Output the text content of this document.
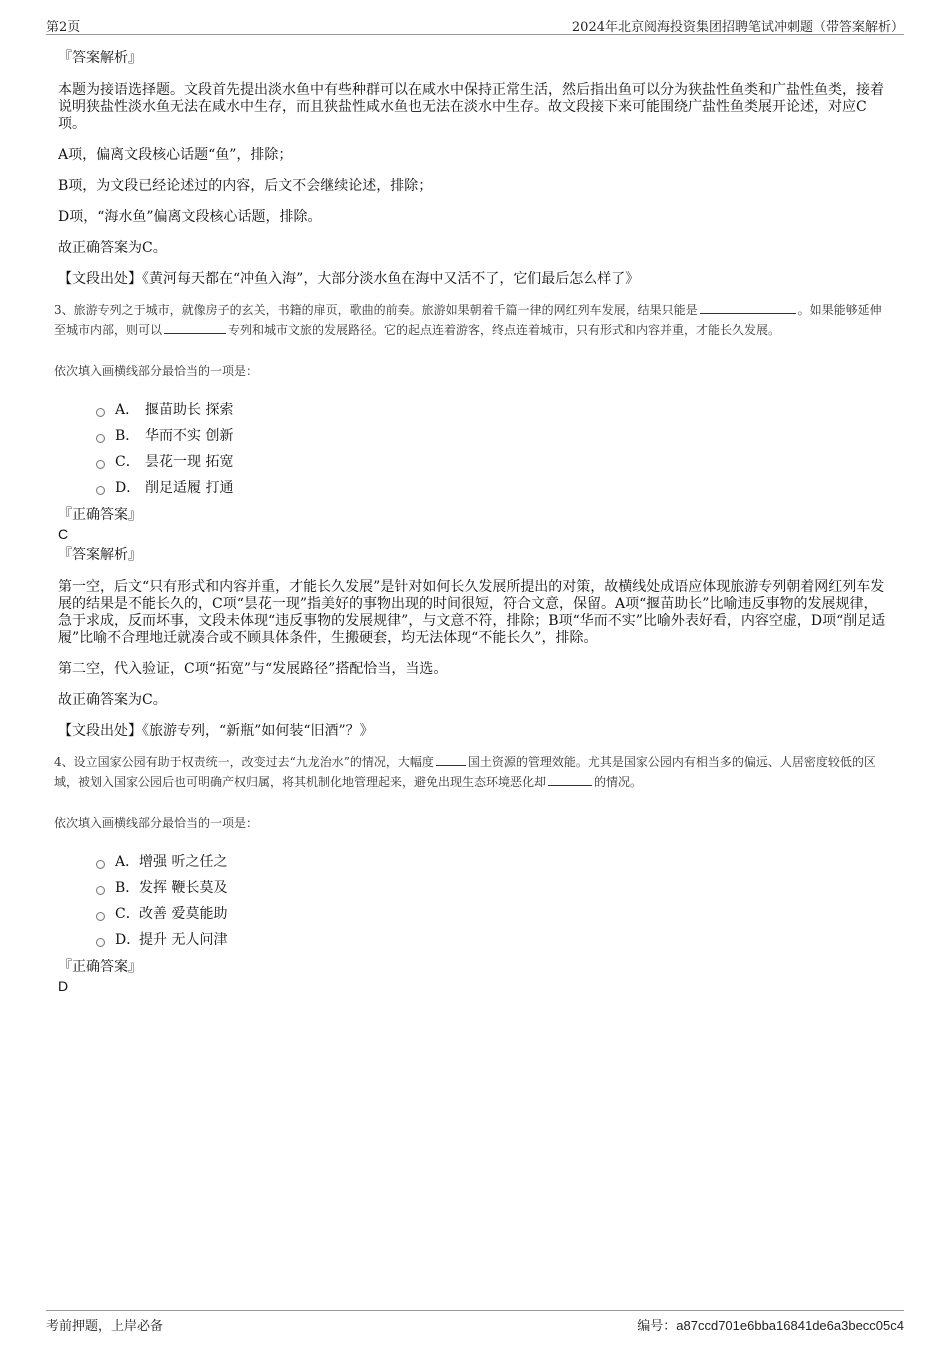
第2页	2024年北京阅海投资集团招聘笔试冲刺题（带答案解析）
『答案解析』

本题为接语选择题。文段首先提出淡水鱼中有些种群可以在咸水中保持正常生活，然后指出鱼可以分为狭盐性鱼类和广盐性鱼类，接着说明狭盐性淡水鱼无法在咸水中生存，而且狭盐性咸水鱼也无法在淡水中生存。故文段接下来可能围绕广盐性鱼类展开论述，对应C项。

A项，偏离文段核心话题“鱼”，排除；

B项，为文段已经论述过的内容，后文不会继续论述，排除；

D项，“海水鱼”偏离文段核心话题，排除。

故正确答案为C。

【文段出处】《黄河每天都在“冲鱼入海”，大部分淡水鱼在海中又活不了，它们最后怎么样了》

3、旅游专列之于城市，就像房子的玄关，书籍的扉页，歌曲的前奏。旅游如果朝着千篇一律的网红列车发展，结果只能是	。如果能够延伸至城市内部，则可以	专列和城市文旅的发展路径。它的起点连着游客，终点连着城市，只有形式和内容并重，才能长久发展。
依次填入画横线部分最恰当的一项是：
A． 揠苗助长 探索
B． 华而不实 创新
C． 昙花一现 拓宽
D． 削足适履 打通
『正确答案』
C
『答案解析』

第一空，后文“只有形式和内容并重，才能长久发展”是针对如何长久发展所提出的对策，故横线处成语应体现旅游专列朝着网红列车发展的结果是不能长久的，C项“昙花一现”指美好的事物出现的时间很短，符合文意，保留。A项“揠苗助长”比喻违反事物的发展规律，急于求成，反而坏事，文段未体现“违反事物的发展规律”，与文意不符，排除；B项“华而不实”比喻外表好看，内容空虚，D项“削足适履”比喻不合理地迁就凑合或不顾具体条件，生搬硬套，均无法体现“不能长久”，排除。

第二空，代入验证，C项“拓宽”与“发展路径”搭配恰当，当选。

故正确答案为C。

【文段出处】《旅游专列，“新瓶”如何装“旧酒”？》

4、设立国家公园有助于权责统一，改变过去“九龙治水”的情况，大幅度	国土资源的管理效能。尤其是国家公园内有相当多的偏远、人居密度较低的区域，被划入国家公园后也可明确产权归属，将其机制化地管理起来，避免出现生态环境恶化却	的情况。
依次填入画横线部分最恰当的一项是：
A． 增强 听之任之
B． 发挥 鞭长莫及
C． 改善 爱莫能助
D．
提升 无人问津
『正确答案』
D
考前押题，上岸必备	编号：a87ccd701e6bba16841de6a3becc05c4
